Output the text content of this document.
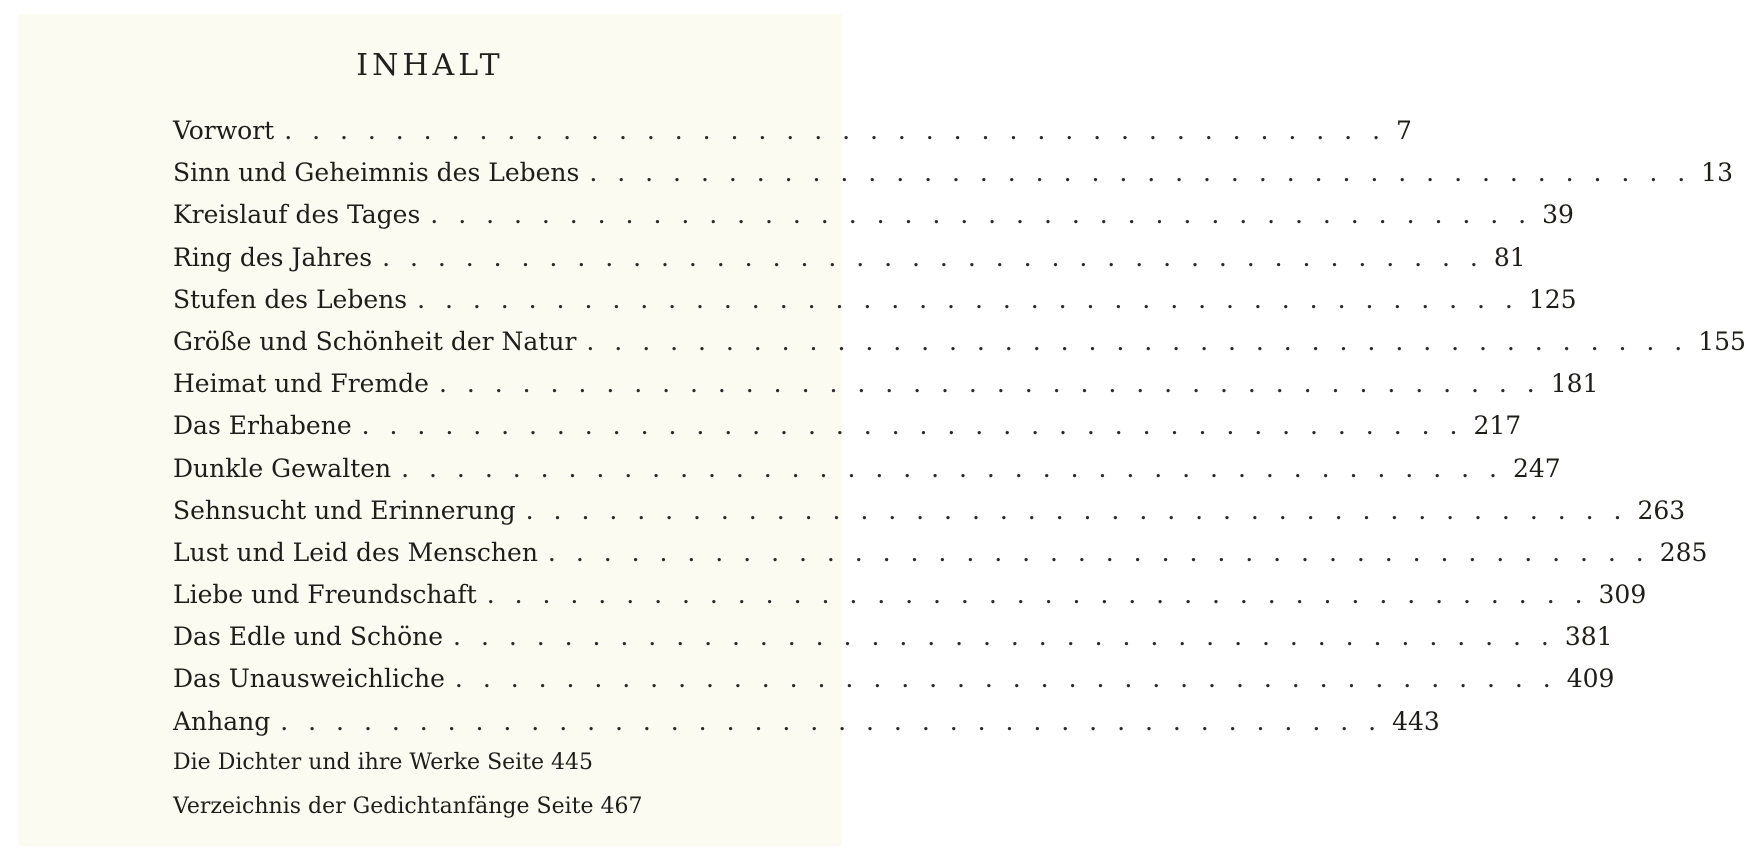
INHALT
Vorwort . . . . . . . . . . . . . . . . . . . . . . . . . . . . . . . . . . . . . . . . 7
Sinn und Geheimnis des Lebens . . . . . . . . . . . . . . . . . . . . . . . . . . . . . . . . . . . . . . . . 13
Kreislauf des Tages . . . . . . . . . . . . . . . . . . . . . . . . . . . . . . . . . . . . . . . . 39
Ring des Jahres . . . . . . . . . . . . . . . . . . . . . . . . . . . . . . . . . . . . . . . . 81
Stufen des Lebens . . . . . . . . . . . . . . . . . . . . . . . . . . . . . . . . . . . . . . . . 125
Größe und Schönheit der Natur . . . . . . . . . . . . . . . . . . . . . . . . . . . . . . . . . . . . . . . . 155
Heimat und Fremde . . . . . . . . . . . . . . . . . . . . . . . . . . . . . . . . . . . . . . . . 181
Das Erhabene . . . . . . . . . . . . . . . . . . . . . . . . . . . . . . . . . . . . . . . . 217
Dunkle Gewalten . . . . . . . . . . . . . . . . . . . . . . . . . . . . . . . . . . . . . . . . 247
Sehnsucht und Erinnerung . . . . . . . . . . . . . . . . . . . . . . . . . . . . . . . . . . . . . . . . 263
Lust und Leid des Menschen . . . . . . . . . . . . . . . . . . . . . . . . . . . . . . . . . . . . . . . . 285
Liebe und Freundschaft . . . . . . . . . . . . . . . . . . . . . . . . . . . . . . . . . . . . . . . . 309
Das Edle und Schöne . . . . . . . . . . . . . . . . . . . . . . . . . . . . . . . . . . . . . . . . 381
Das Unausweichliche . . . . . . . . . . . . . . . . . . . . . . . . . . . . . . . . . . . . . . . . 409
Anhang . . . . . . . . . . . . . . . . . . . . . . . . . . . . . . . . . . . . . . . . 443
Die Dichter und ihre Werke Seite 445
Verzeichnis der Gedichtanfänge Seite 467
